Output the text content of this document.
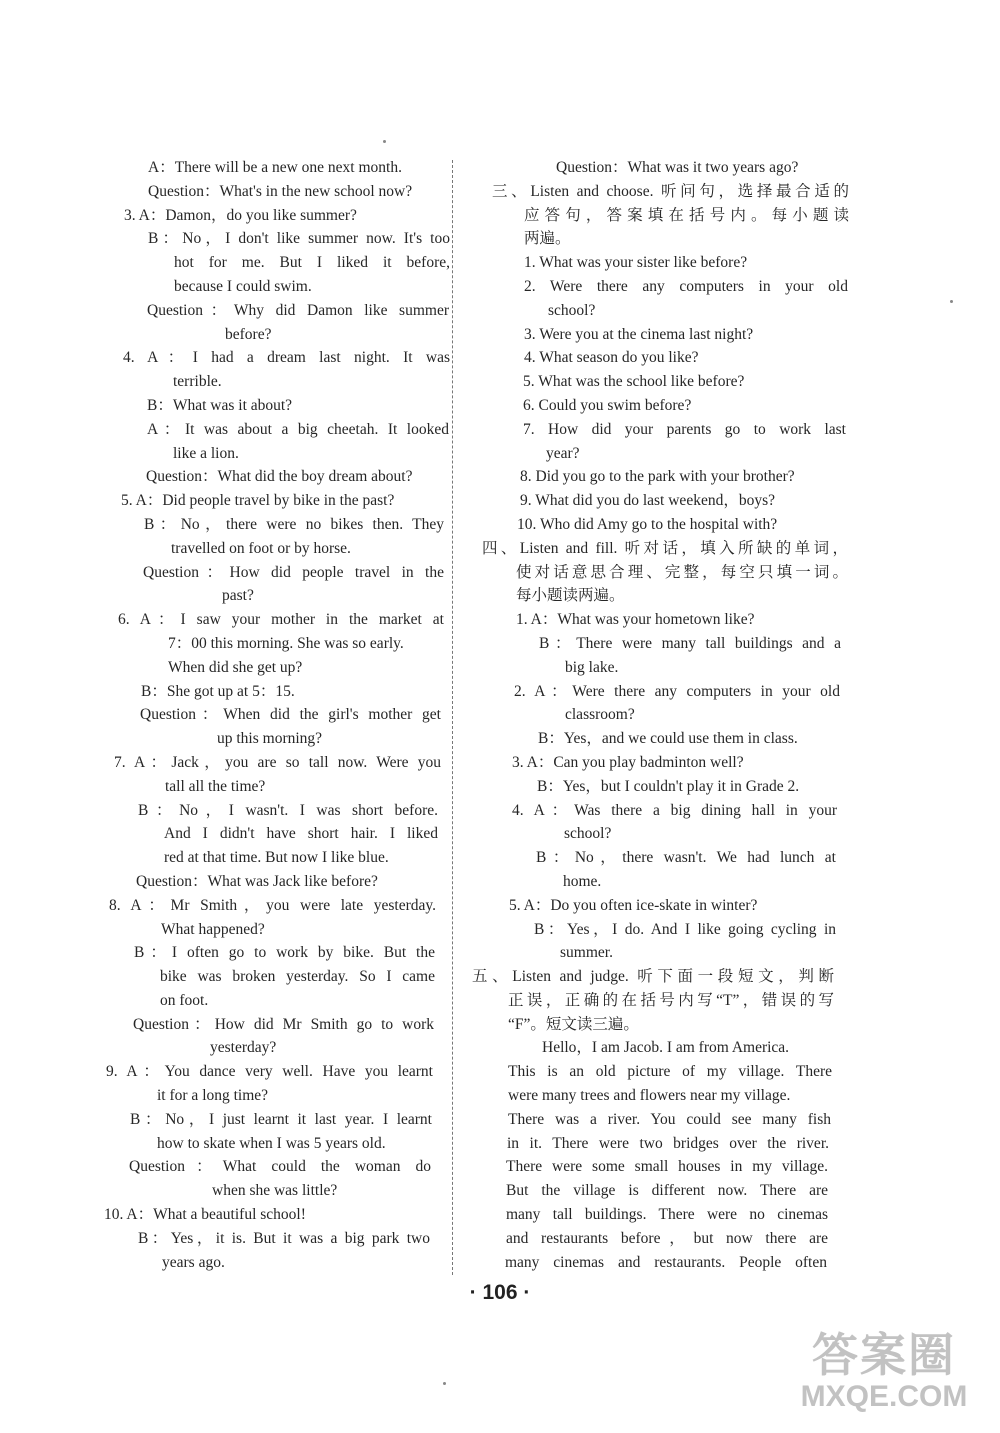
A：There will be a new one next month.
Question：What's in the new school now?
3. A：Damon，do you like summer?
B：No，I don't like summer now. It's too
hot for me. But I liked it before,
because I could swim.
Question：Why did Damon like summer
before?
4. A：I had a dream last night. It was
terrible.
B：What was it about?
A：It was about a big cheetah. It looked
like a lion.
Question：What did the boy dream about?
5. A：Did people travel by bike in the past?
B：No，there were no bikes then. They
travelled on foot or by horse.
Question：How did people travel in the
past?
6. A：I saw your mother in the market at
7：00 this morning. She was so early.
When did she get up?
B：She got up at 5：15.
Question：When did the girl's mother get
up this morning?
7. A：Jack，you are so tall now. Were you
tall all the time?
B：No，I wasn't. I was short before.
And I didn't have short hair. I liked
red at that time. But now I like blue.
Question：What was Jack like before?
8. A：Mr Smith，you were late yesterday.
What happened?
B：I often go to work by bike. But the
bike was broken yesterday. So I came
on foot.
Question：How did Mr Smith go to work
yesterday?
9. A：You dance very well. Have you learnt
it for a long time?
B：No，I just learnt it last year. I learnt
how to skate when I was 5 years old.
Question：What could the woman do
when she was little?
10. A：What a beautiful school!
B：Yes，it is. But it was a big park two
years ago.
Question：What was it two years ago?
三、Listen and choose. 听问句，选择最合适的
应答句，答案填在括号内。每小题读
两遍。
1. What was your sister like before?
2. Were there any computers in your old
school?
3. Were you at the cinema last night?
4. What season do you like?
5. What was the school like before?
6. Could you swim before?
7. How did your parents go to work last
year?
8. Did you go to the park with your brother?
9. What did you do last weekend，boys?
10. Who did Amy go to the hospital with?
四、Listen and fill. 听对话，填入所缺的单词，
使对话意思合理、完整，每空只填一词。
每小题读两遍。
1. A：What was your hometown like?
B：There were many tall buildings and a
big lake.
2. A：Were there any computers in your old
classroom?
B：Yes，and we could use them in class.
3. A：Can you play badminton well?
B：Yes，but I couldn't play it in Grade 2.
4. A：Was there a big dining hall in your
school?
B：No，there wasn't. We had lunch at
home.
5. A：Do you often ice-skate in winter?
B：Yes，I do. And I like going cycling in
summer.
五、Listen and judge. 听下面一段短文，判断
正误，正确的在括号内写“T”，错误的写
“F”。短文读三遍。
Hello，I am Jacob. I am from America.
This is an old picture of my village. There
were many trees and flowers near my village.
There was a river. You could see many fish
in it. There were two bridges over the river.
There were some small houses in my village.
But the village is different now. There are
many tall buildings. There were no cinemas
and restaurants before，but now there are
many cinemas and restaurants. People often
· 106 ·
答案圈
MXQE.COM
